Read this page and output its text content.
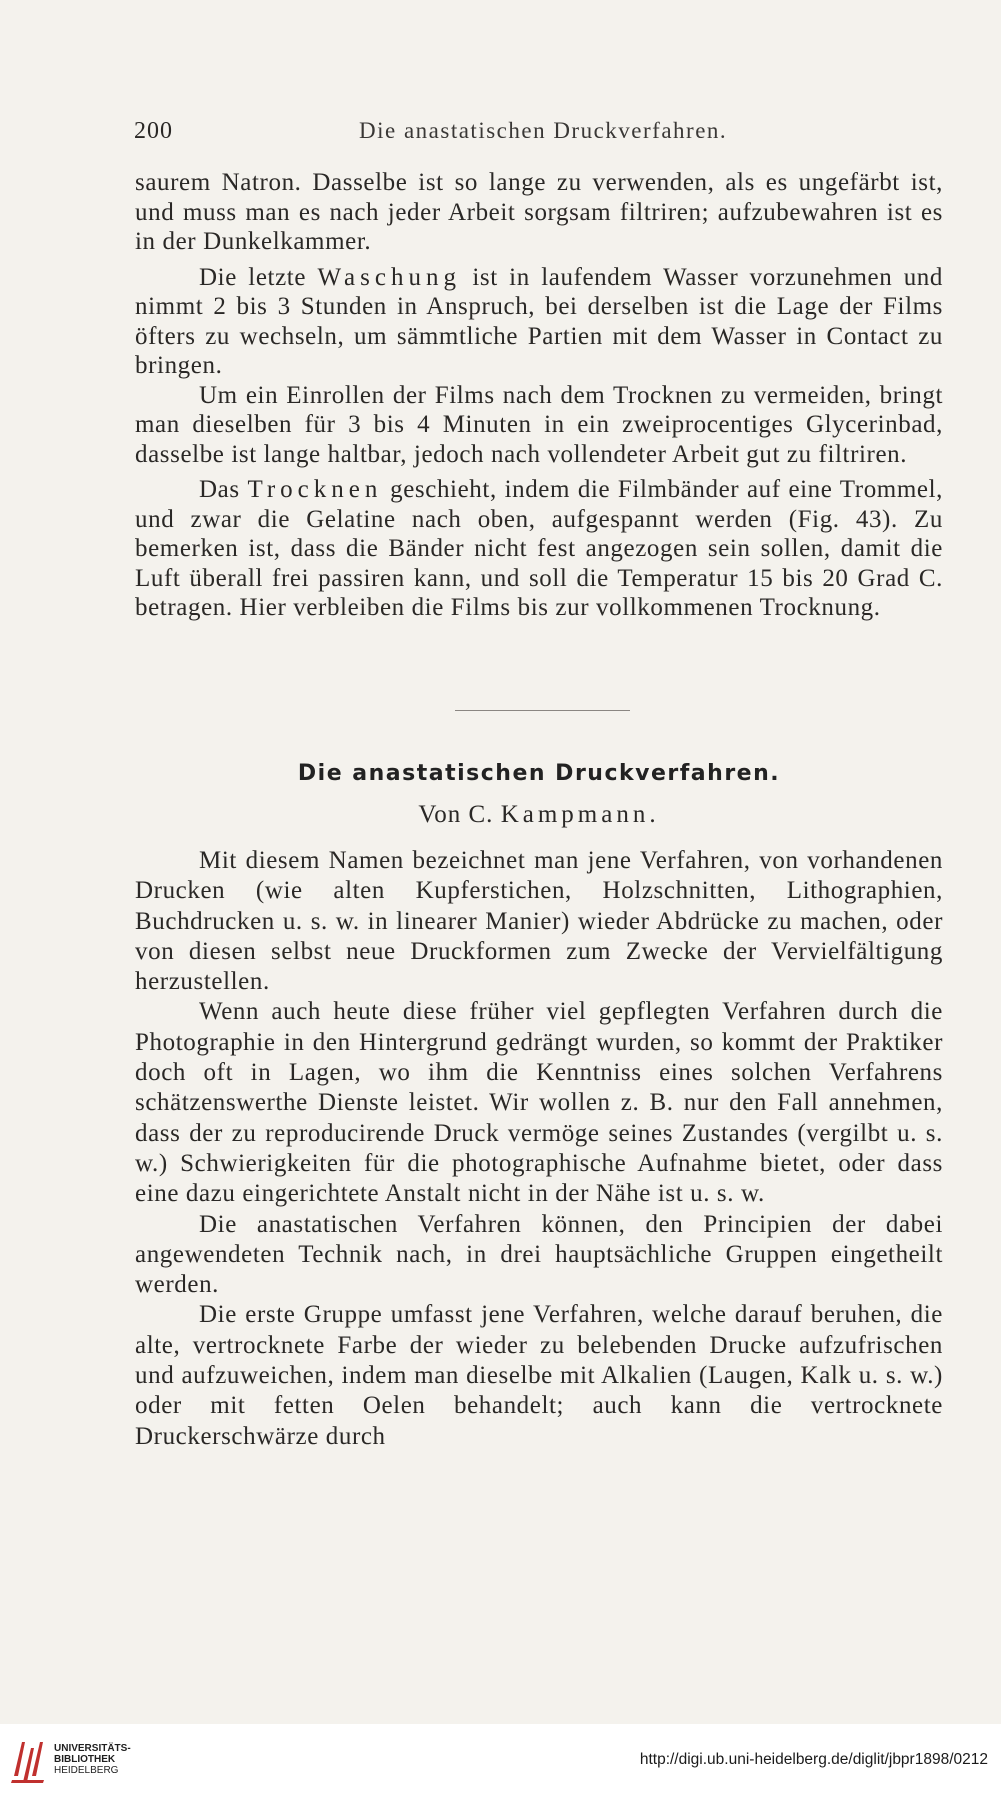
200	Die anastatischen Druckverfahren.

saurem Natron. Dasselbe ist so lange zu verwenden, als es ungefärbt ist, und muss man es nach jeder Arbeit sorgsam filtriren; aufzubewahren ist es in der Dunkelkammer.

Die letzte Waschung ist in laufendem Wasser vorzunehmen und nimmt 2 bis 3 Stunden in Anspruch, bei derselben ist die Lage der Films öfters zu wechseln, um sämmtliche Partien mit dem Wasser in Contact zu bringen.

Um ein Einrollen der Films nach dem Trocknen zu vermeiden, bringt man dieselben für 3 bis 4 Minuten in ein zweiprocentiges Glycerinbad, dasselbe ist lange haltbar, jedoch nach vollendeter Arbeit gut zu filtriren.

Das Trocknen geschieht, indem die Filmbänder auf eine Trommel, und zwar die Gelatine nach oben, aufgespannt werden (Fig. 43). Zu bemerken ist, dass die Bänder nicht fest angezogen sein sollen, damit die Luft überall frei passiren kann, und soll die Temperatur 15 bis 20 Grad C. betragen. Hier verbleiben die Films bis zur vollkommenen Trocknung.

Die anastatischen Druckverfahren.
Von C. Kampmann.

Mit diesem Namen bezeichnet man jene Verfahren, von vorhandenen Drucken (wie alten Kupferstichen, Holzschnitten, Lithographien, Buchdrucken u. s. w. in linearer Manier) wieder Abdrücke zu machen, oder von diesen selbst neue Druckformen zum Zwecke der Vervielfältigung herzustellen.

Wenn auch heute diese früher viel gepflegten Verfahren durch die Photographie in den Hintergrund gedrängt wurden, so kommt der Praktiker doch oft in Lagen, wo ihm die Kenntniss eines solchen Verfahrens schätzenswerthe Dienste leistet. Wir wollen z. B. nur den Fall annehmen, dass der zu reproducirende Druck vermöge seines Zustandes (vergilbt u. s. w.) Schwierigkeiten für die photographische Aufnahme bietet, oder dass eine dazu eingerichtete Anstalt nicht in der Nähe ist u. s. w.

Die anastatischen Verfahren können, den Principien der dabei angewendeten Technik nach, in drei hauptsächliche Gruppen eingetheilt werden.

Die erste Gruppe umfasst jene Verfahren, welche darauf beruhen, die alte, vertrocknete Farbe der wieder zu belebenden Drucke aufzufrischen und aufzuweichen, indem man dieselbe mit Alkalien (Laugen, Kalk u. s. w.) oder mit fetten Oelen behandelt; auch kann die vertrocknete Druckerschwärze durch

UNIVERSITÄTS-
BIBLIOTHEK
HEIDELBERG
http://digi.ub.uni-heidelberg.de/diglit/jbpr1898/0212
